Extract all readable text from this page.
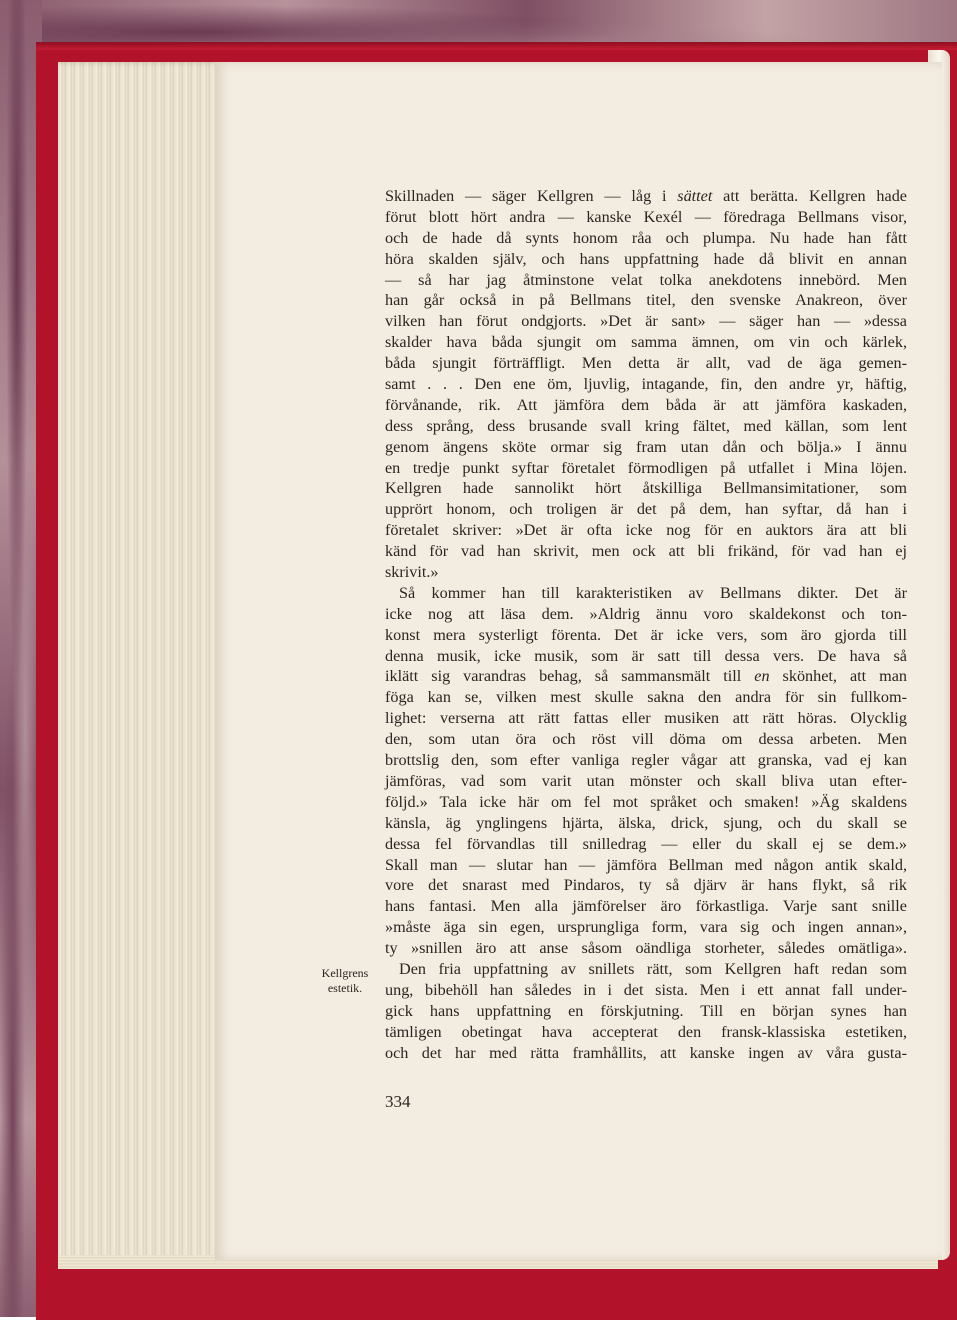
Skillnaden — säger Kellgren — låg i sättet att berätta. Kellgren hade
förut blott hört andra — kanske Kexél — föredraga Bellmans visor,
och de hade då synts honom råa och plumpa. Nu hade han fått
höra skalden själv, och hans uppfattning hade då blivit en annan
— så har jag åtminstone velat tolka anekdotens innebörd. Men
han går också in på Bellmans titel, den svenske Anakreon, över
vilken han förut ondgjorts. »Det är sant» — säger han — »dessa
skalder hava båda sjungit om samma ämnen, om vin och kärlek,
båda sjungit förträffligt. Men detta är allt, vad de äga gemen-
samt . . . Den ene öm, ljuvlig, intagande, fin, den andre yr, häftig,
förvånande, rik. Att jämföra dem båda är att jämföra kaskaden,
dess språng, dess brusande svall kring fältet, med källan, som lent
genom ängens sköte ormar sig fram utan dån och bölja.» I ännu
en tredje punkt syftar företalet förmodligen på utfallet i Mina löjen.
Kellgren hade sannolikt hört åtskilliga Bellmansimitationer, som
upprört honom, och troligen är det på dem, han syftar, då han i
företalet skriver: »Det är ofta icke nog för en auktors ära att bli
känd för vad han skrivit, men ock att bli frikänd, för vad han ej
skrivit.»
Så kommer han till karakteristiken av Bellmans dikter. Det är
icke nog att läsa dem. »Aldrig ännu voro skaldekonst och ton-
konst mera systerligt förenta. Det är icke vers, som äro gjorda till
denna musik, icke musik, som är satt till dessa vers. De hava så
iklätt sig varandras behag, så sammansmält till en skönhet, att man
föga kan se, vilken mest skulle sakna den andra för sin fullkom-
lighet: verserna att rätt fattas eller musiken att rätt höras. Olycklig
den, som utan öra och röst vill döma om dessa arbeten. Men
brottslig den, som efter vanliga regler vågar att granska, vad ej kan
jämföras, vad som varit utan mönster och skall bliva utan efter-
följd.» Tala icke här om fel mot språket och smaken! »Äg skaldens
känsla, äg ynglingens hjärta, älska, drick, sjung, och du skall se
dessa fel förvandlas till snilledrag — eller du skall ej se dem.»
Skall man — slutar han — jämföra Bellman med någon antik skald,
vore det snarast med Pindaros, ty så djärv är hans flykt, så rik
hans fantasi. Men alla jämförelser äro förkastliga. Varje sant snille
»måste äga sin egen, ursprungliga form, vara sig och ingen annan»,
ty »snillen äro att anse såsom oändliga storheter, således omätliga».
Den fria uppfattning av snillets rätt, som Kellgren haft redan som
ung, bibehöll han således in i det sista. Men i ett annat fall under-
gick hans uppfattning en förskjutning. Till en början synes han
tämligen obetingat hava accepterat den fransk-klassiska estetiken,
och det har med rätta framhållits, att kanske ingen av våra gusta-
Kellgrens
estetik.
334
